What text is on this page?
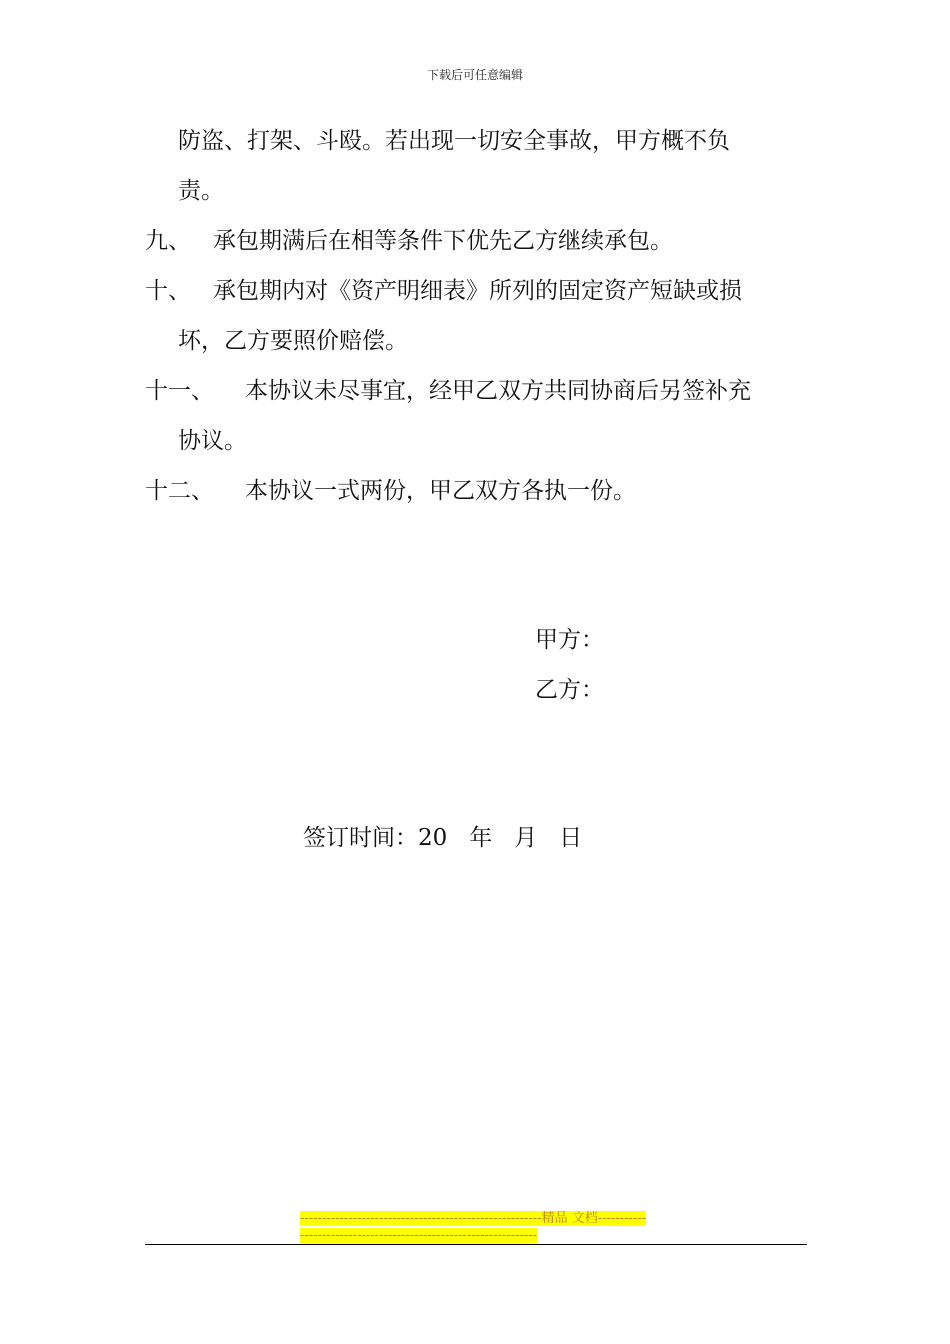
下载后可任意编辑
防盗、打架、斗殴。若出现一切安全事故，甲方概不负
责。
九、 承包期满后在相等条件下优先乙方继续承包。
十、 承包期内对《资产明细表》所列的固定资产短缺或损
坏，乙方要照价赔偿。
十一、 本协议未尽事宜，经甲乙双方共同协商后另签补充
协议。
十二、 本协议一式两份，甲乙双方各执一份。
甲方：
乙方：
签订时间：20   年   月   日
-------------------------------------------------------精品 文档-----------------------------------------------------------------
